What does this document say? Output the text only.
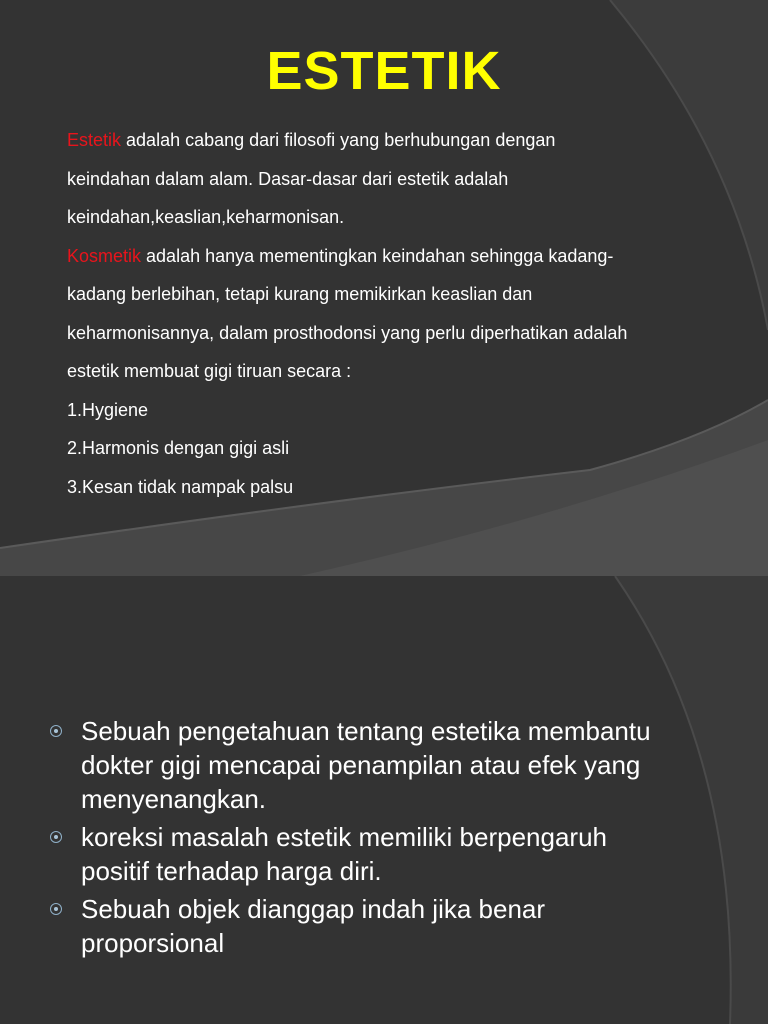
ESTETIK
Estetik adalah cabang dari filosofi yang berhubungan dengan
keindahan dalam alam. Dasar-dasar dari estetik adalah
keindahan,keaslian,keharmonisan.
Kosmetik adalah hanya mementingkan keindahan sehingga kadang-
kadang berlebihan, tetapi kurang memikirkan keaslian dan
keharmonisannya, dalam prosthodonsi yang perlu diperhatikan adalah
estetik membuat gigi tiruan secara :
1.Hygiene
2.Harmonis dengan gigi asli
3.Kesan tidak nampak palsu
Sebuah pengetahuan tentang estetika membantu
dokter gigi mencapai penampilan atau efek yang
menyenangkan.
koreksi masalah estetik memiliki berpengaruh
positif terhadap harga diri.
Sebuah objek dianggap indah jika benar
proporsional
